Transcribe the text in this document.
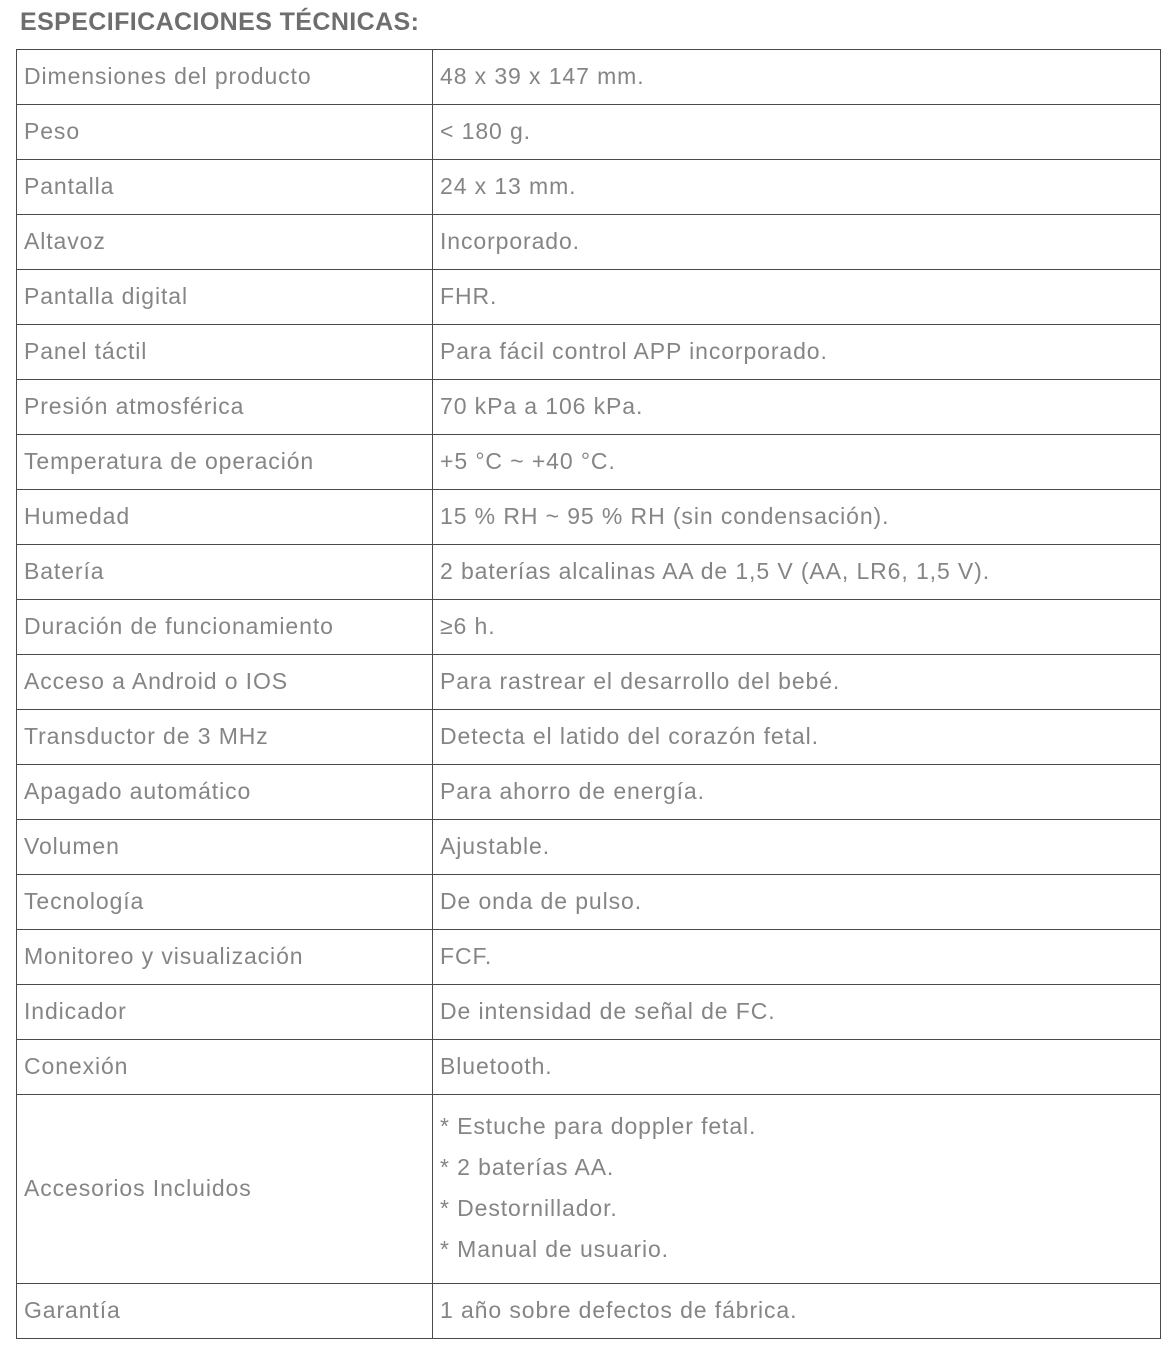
ESPECIFICACIONES TÉCNICAS:
Dimensiones del producto	48 x 39 x 147 mm.
Peso	< 180 g.
Pantalla	24 x 13 mm.
Altavoz	Incorporado.
Pantalla digital	FHR.
Panel táctil	Para fácil control APP incorporado.
Presión atmosférica	70 kPa a 106 kPa.
Temperatura de operación	+5 °C ~ +40 °C.
Humedad	15 % RH ~ 95 % RH (sin condensación).
Batería	2 baterías alcalinas AA de 1,5 V (AA, LR6, 1,5 V).
Duración de funcionamiento	≥6 h.
Acceso a Android o IOS	Para rastrear el desarrollo del bebé.
Transductor de 3 MHz	Detecta el latido del corazón fetal.
Apagado automático	Para ahorro de energía.
Volumen	Ajustable.
Tecnología	De onda de pulso.
Monitoreo y visualización	FCF.
Indicador	De intensidad de señal de FC.
Conexión	Bluetooth.
Accesorios Incluidos	* Estuche para doppler fetal.
* 2 baterías AA.
* Destornillador.
* Manual de usuario.

Garantía	1 año sobre defectos de fábrica.
